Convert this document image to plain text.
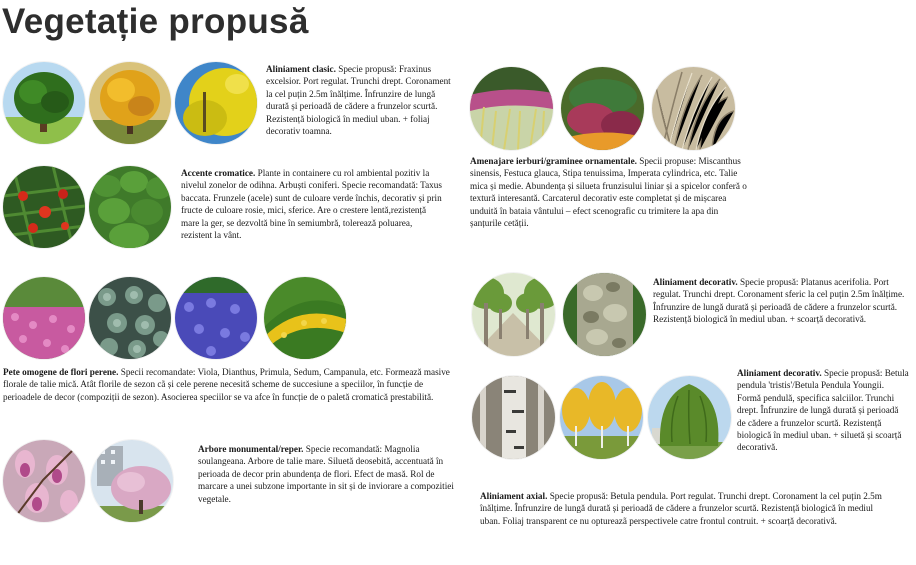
Vegetație propusă
Aliniament clasic. Specie propusă: Fraxinus excelsior. Port regulat. Trunchi drept. Coronament la cel puțin 2.5m înălțime. Înfrunzire de lungă durată și perioadă de cădere a frunzelor scurtă. Rezistență biologică în mediul uban. + foliaj decorativ toamna.
Accente cromatice. Plante in containere cu rol ambiental pozitiv la nivelul zonelor de odihna. Arbuști coniferi. Specie recomandată: Taxus baccata. Frunzele (acele) sunt de culoare verde închis, decorativ și prin fructe de culoare rosie, mici, sferice. Are o crestere lentă,rezistență mare la ger, se dezvoltă bine în semiumbră, tolerează poluarea, rezistent la vânt.
Pete omogene de flori perene. Specii recomandate: Viola, Dianthus, Primula, Sedum, Campanula, etc. Formează masive florale de talie mică. Atât florile de sezon cã și cele perene necesită scheme de succesiune a speciilor, în funcție de perioadele de decor (compoziții de sezon). Asocierea speciilor se va afce în funcție de o paletă cromatică prestabilită.
Arbore monumental/reper. Specie recomandată: Magnolia soulangeana. Arbore de talie mare. Siluetă deosebită, accentuată în perioada de decor prin abundența de flori. Efect de masă. Rol de marcare a unei subzone importante in sit și de inviorare a compozitiei vegetale.
Amenajare ierburi/graminee ornamentale. Specii propuse: Miscanthus sinensis, Festuca glauca, Stipa tenuissima, Imperata cylindrica, etc. Talie mica și medie. Abundența și silueta frunzisului liniar și a spicelor conferă o textură interesantă. Carcaterul decorativ este completat și de mișcarea unduită în bataia vântului – efect scenografic cu trimitere la apa din șanțurile cetății.
Aliniament decorativ. Specie propusă: Platanus acerifolia. Port regulat. Trunchi drept. Coronament sferic la cel puțin 2.5m înălțime. Înfrunzire de lungă durată și perioadă de cădere a frunzelor scurtă. Rezistență biologică în mediul uban. + scoarță decorativă.
Aliniament decorativ. Specie propusă: Betula pendula 'tristis'/Betula Pendula Youngii. Formă pendulă, specifica salciilor. Trunchi drept. Înfrunzire de lungă durată și perioadă de cădere a frunzelor scurtă. Rezistență biologică în mediul uban. + siluetă și scoarță decorativă.
Aliniament axial. Specie propusă: Betula pendula. Port regulat. Trunchi drept. Coronament la cel puțin 2.5m înălțime. Înfrunzire de lungă durată și perioadă de cădere a frunzelor scurtă. Rezistență biologică în mediul uban. Foliaj transparent ce nu optureazã perspectivele catre frontul contruit. + scoarță decorativă.
